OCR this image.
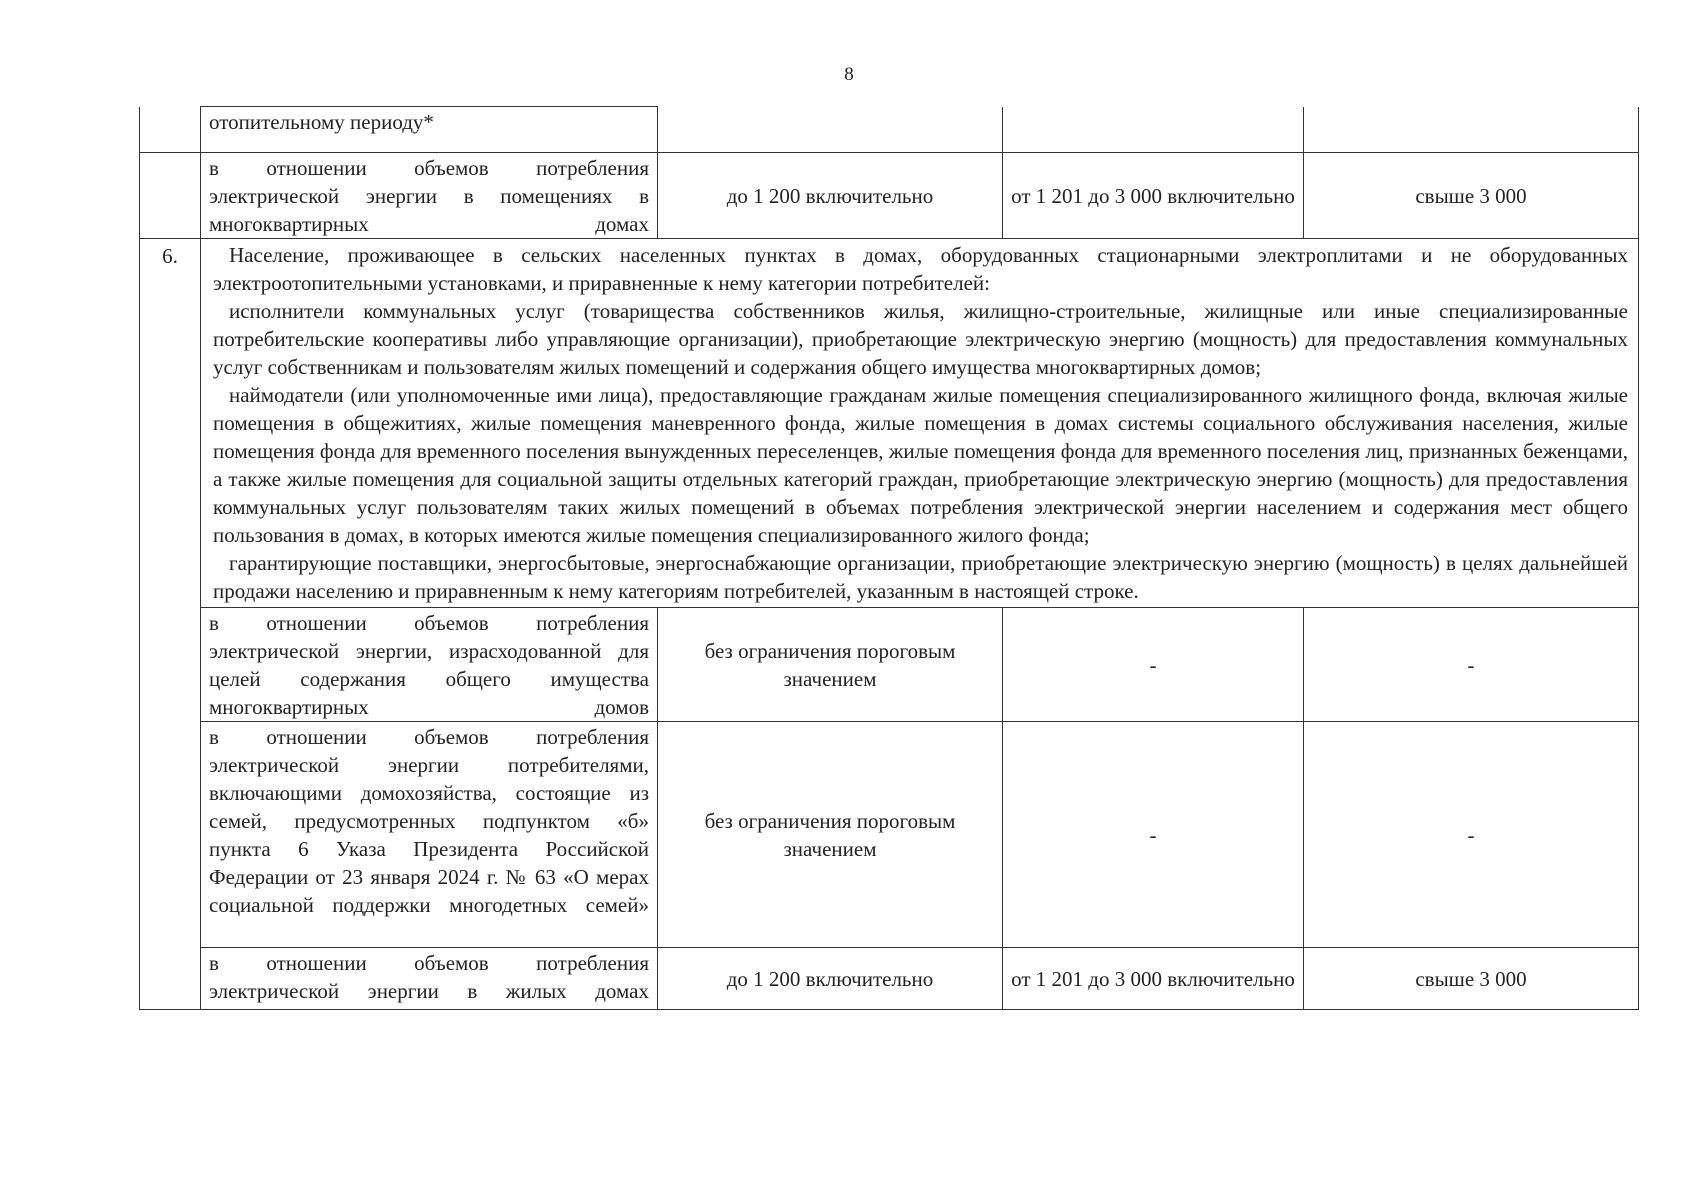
8
	отопительному периоду*			

	в отношении объемов потребления электрической энергии в помещениях в многоквартирных домах	до 1 200 включительно	от 1 201 до 3 000 включительно	свыше 3 000
6.	Население, проживающее в сельских населенных пунктах в домах, оборудованных стационарными электроплитами и не оборудованных электроотопительными установками, и приравненные к нему категории потребителей:

исполнители коммунальных услуг (товарищества собственников жилья, жилищно-строительные, жилищные или иные специализированные потребительские кооперативы либо управляющие организации), приобретающие электрическую энергию (мощность) для предоставления коммунальных услуг собственникам и пользователям жилых помещений и содержания общего имущества многоквартирных домов;

наймодатели (или уполномоченные ими лица), предоставляющие гражданам жилые помещения специализированного жилищного фонда, включая жилые помещения в общежитиях, жилые помещения маневренного фонда, жилые помещения в домах системы социального обслуживания населения, жилые помещения фонда для временного поселения вынужденных переселенцев, жилые помещения фонда для временного поселения лиц, признанных беженцами, а также жилые помещения для социальной защиты отдельных категорий граждан, приобретающие электрическую энергию (мощность) для предоставления коммунальных услуг пользователям таких жилых помещений в объемах потребления электрической энергии населением и содержания мест общего пользования в домах, в которых имеются жилые помещения специализированного жилого фонда;

гарантирующие поставщики, энергосбытовые, энергоснабжающие организации, приобретающие электрическую энергию (мощность) в целях дальнейшей продажи населению и приравненным к нему категориям потребителей, указанным в настоящей строке.			

	в отношении объемов потребления электрической энергии, израсходованной для целей содержания общего имущества многоквартирных домов	без ограничения пороговым значением	-	-

	в отношении объемов потребления электрической энергии потребителями, включающими домохозяйства, состоящие из семей, предусмотренных подпунктом «б» пункта 6 Указа Президента Российской Федерации от 23 января 2024 г. № 63 «О мерах социальной поддержки многодетных семей»	без ограничения пороговым значением	-	-

	в отношении объемов потребления электрической энергии в жилых домах	до 1 200 включительно	от 1 201 до 3 000 включительно	свыше 3 000
